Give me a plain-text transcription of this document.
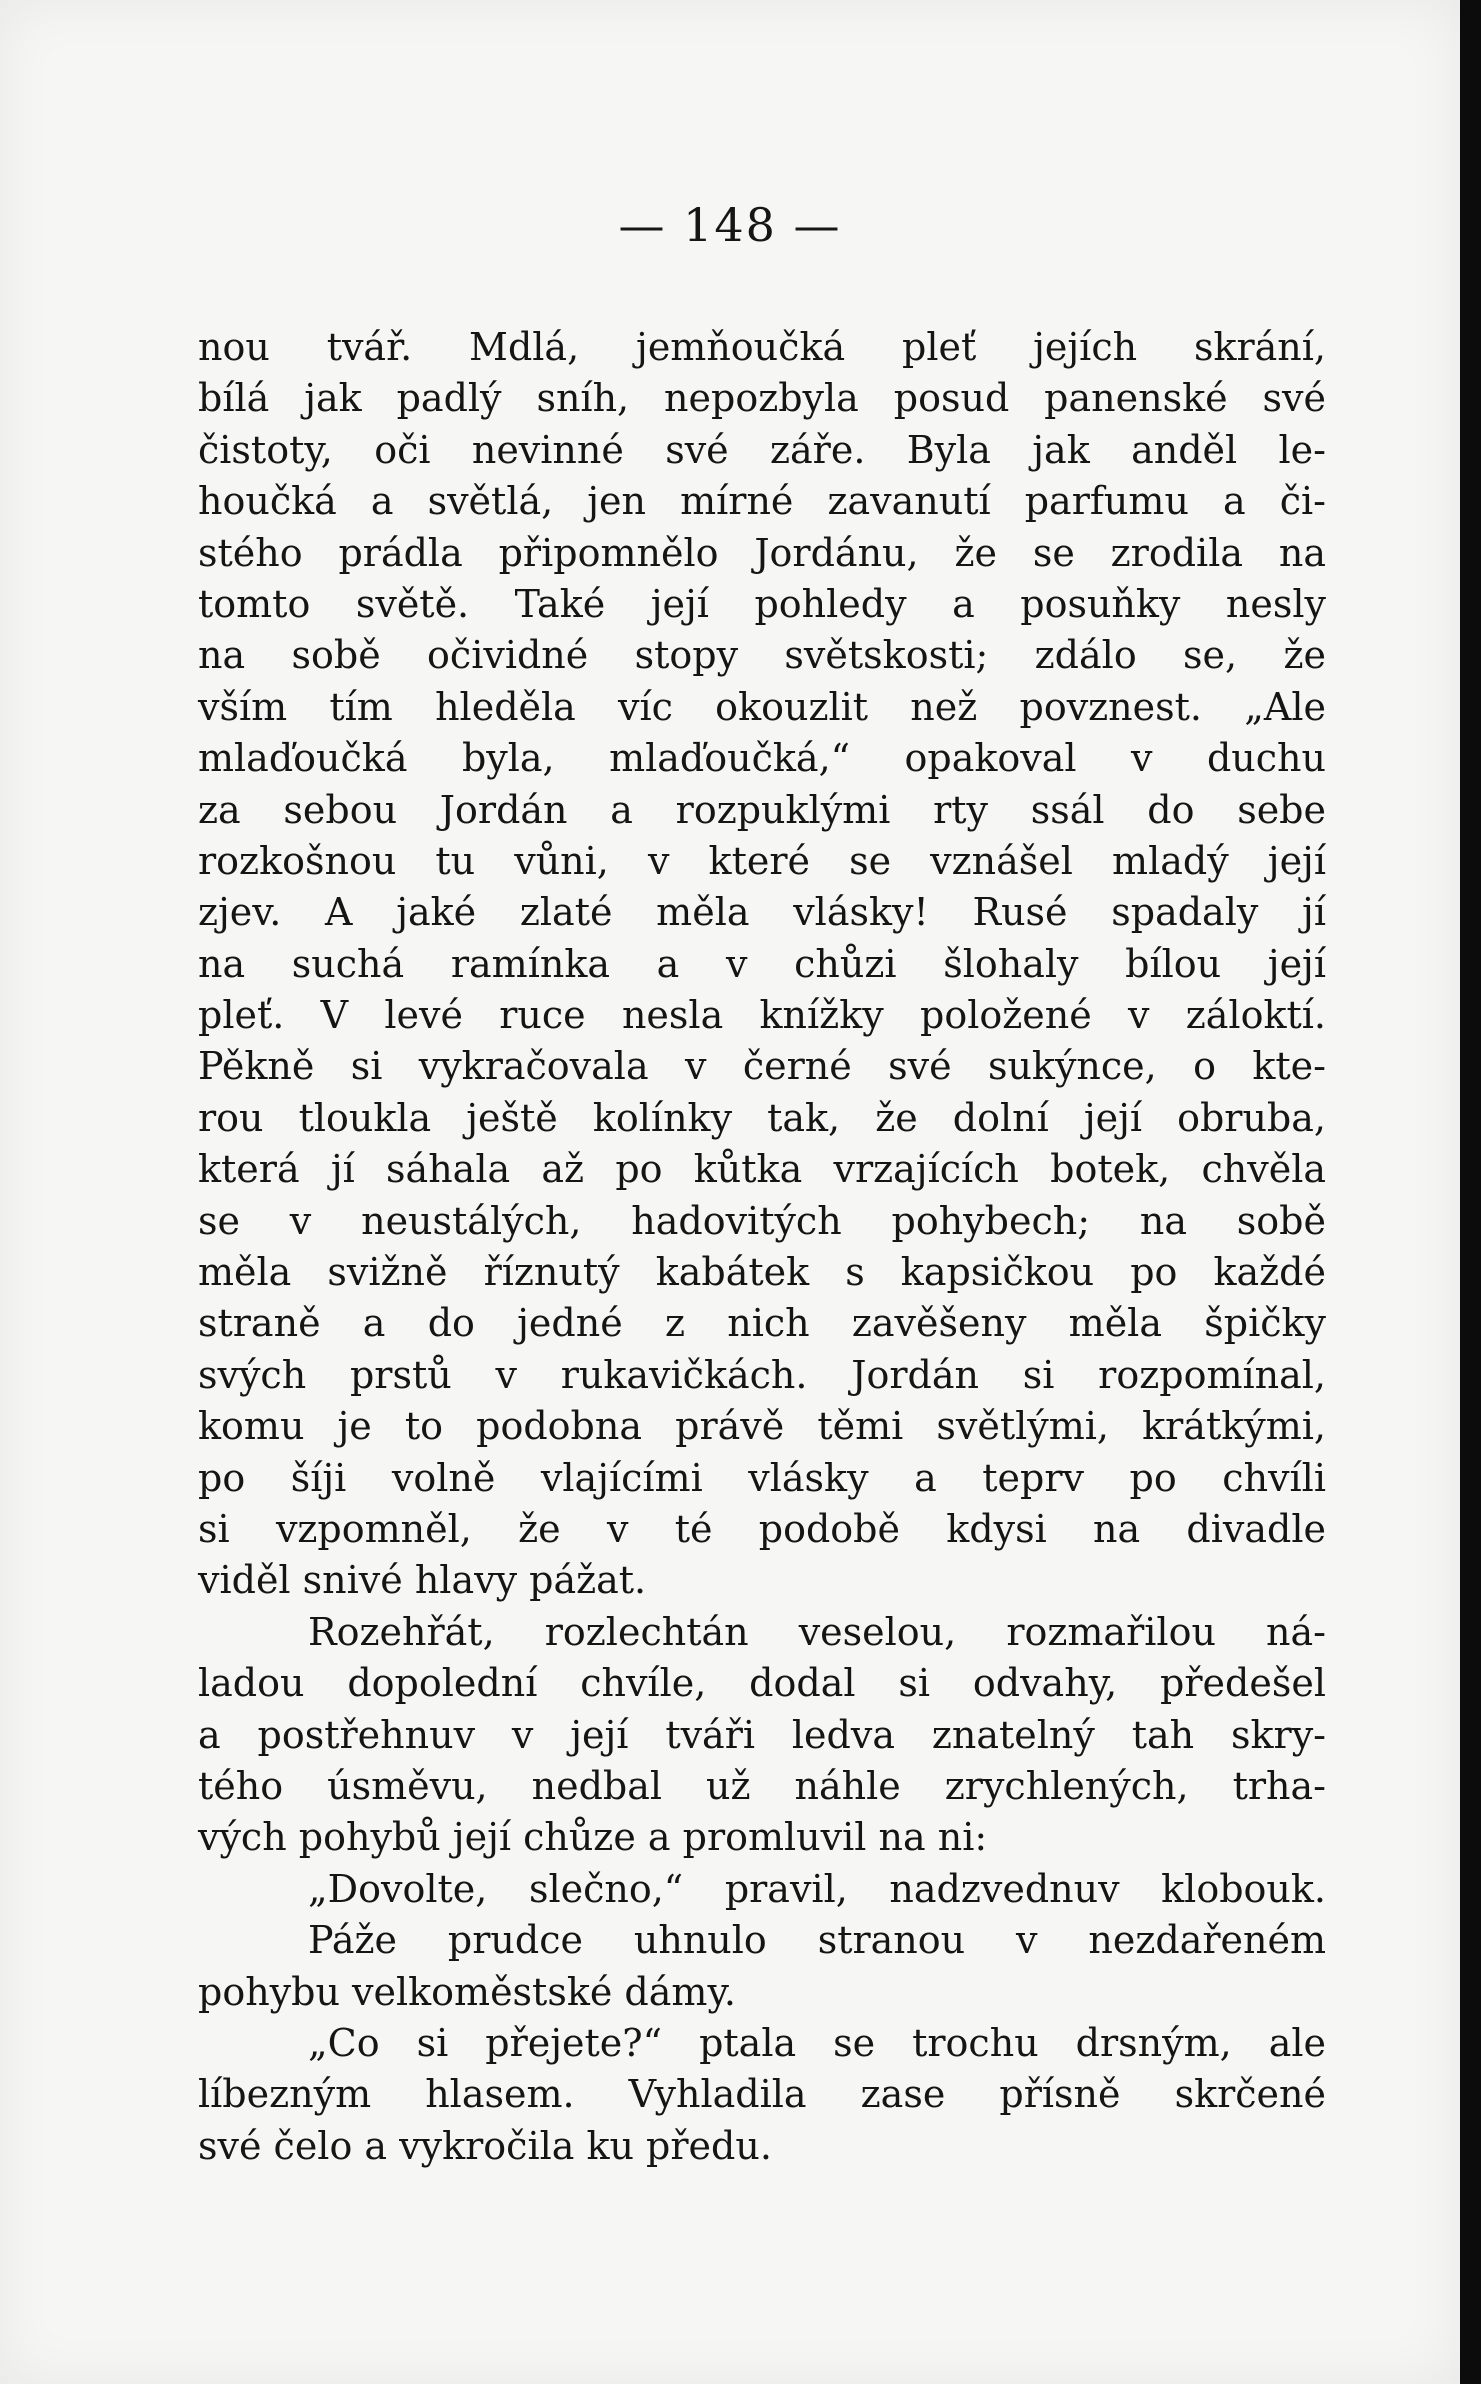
— 148 —
nou tvář. Mdlá, jemňoučká pleť jejích skrání,
bílá jak padlý sníh, nepozbyla posud panenské své
čistoty, oči nevinné své záře. Byla jak anděl le-
houčká a světlá, jen mírné zavanutí parfumu a či-
stého prádla připomnělo Jordánu, že se zrodila na
tomto světě. Také její pohledy a posuňky nesly
na sobě očividné stopy světskosti; zdálo se, že
vším tím hleděla víc okouzlit než povznest. „Ale
mlaďoučká byla, mlaďoučká,“ opakoval v duchu
za sebou Jordán a rozpuklými rty ssál do sebe
rozkošnou tu vůni, v které se vznášel mladý její
zjev. A jaké zlaté měla vlásky! Rusé spadaly jí
na suchá ramínka a v chůzi šlohaly bílou její
pleť. V levé ruce nesla knížky položené v záloktí.
Pěkně si vykračovala v černé své sukýnce, o kte-
rou tloukla ještě kolínky tak, že dolní její obruba,
která jí sáhala až po kůtka vrzajících botek, chvěla
se v neustálých, hadovitých pohybech; na sobě
měla svižně říznutý kabátek s kapsičkou po každé
straně a do jedné z nich zavěšeny měla špičky
svých prstů v rukavičkách. Jordán si rozpomínal,
komu je to podobna právě těmi světlými, krátkými,
po šíji volně vlajícími vlásky a teprv po chvíli
si vzpomněl, že v té podobě kdysi na divadle
viděl snivé hlavy pážat.
Rozehřát, rozlechtán veselou, rozmařilou ná-
ladou dopolední chvíle, dodal si odvahy, předešel
a postřehnuv v její tváři ledva znatelný tah skry-
tého úsměvu, nedbal už náhle zrychlených, trha-
vých pohybů její chůze a promluvil na ni:
„Dovolte, slečno,“ pravil, nadzvednuv klobouk.
Páže prudce uhnulo stranou v nezdařeném
pohybu velkoměstské dámy.
„Co si přejete?“ ptala se trochu drsným, ale
líbezným hlasem. Vyhladila zase přísně skrčené
své čelo a vykročila ku předu.
